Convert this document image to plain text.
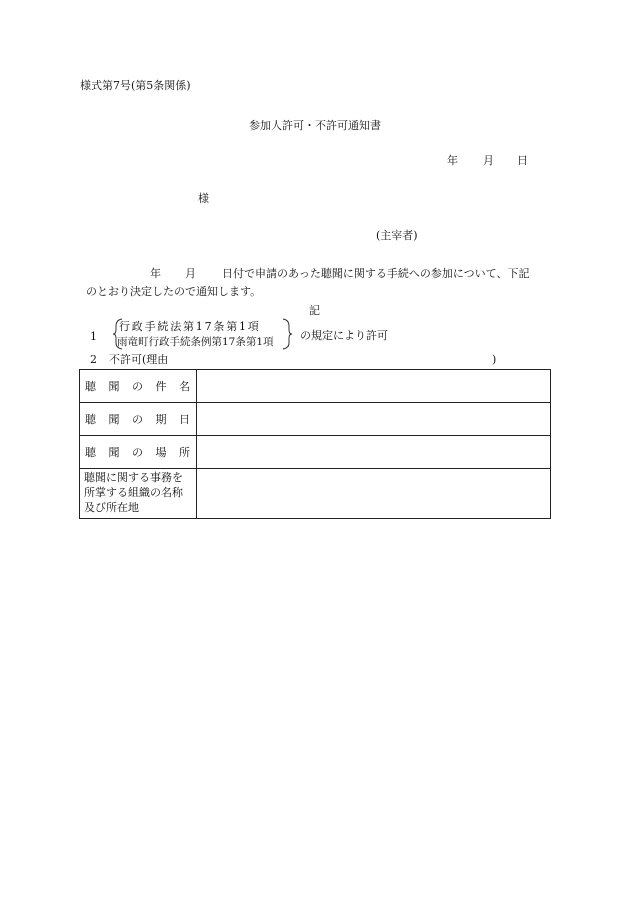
様式第7号(第5条関係)
参加人許可・不許可通知書
年 月 日
様
(主宰者)
年 月 日付で申請のあった聴聞に関する手続への参加について、下記
のとおり決定したので通知します。
記
1
行政手続法第17条第1項
雨竜町行政手続条例第17条第1項 の規定により許可
2 不許可(理由	)
聴 聞 の 件 名	

聴 聞 の 期 日	

聴 聞 の 場 所	

聴聞に関する事務を所掌する組織の名称及び所在地	
